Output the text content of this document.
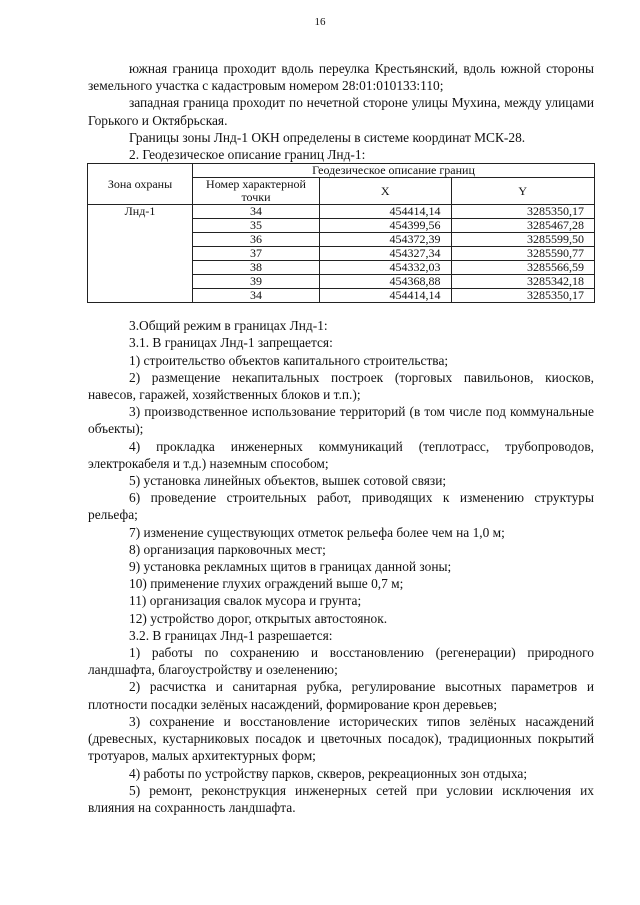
16

южная граница проходит вдоль переулка Крестьянский, вдоль южной стороны земельного участка с кадастровым номером 28:01:010133:110;

западная граница проходит по нечетной стороне улицы Мухина, между улицами Горького и Октябрьская.

Границы зоны Лнд-1 ОКН определены в системе координат МСК-28.

2. Геодезическое описание границ Лнд-1:

Зона охраны	Геодезическое описание границ		
	Номер характерной точки	X	Y
Лнд-1	34	454414,14	3285350,17
	35	454399,56	3285467,28
	36	454372,39	3285599,50
	37	454327,34	3285590,77
	38	454332,03	3285566,59
	39	454368,88	3285342,18
	34	454414,14	3285350,17

3.Общий режим в границах Лнд-1:

3.1. В границах Лнд-1 запрещается:

1) строительство объектов капитального строительства;

2) размещение некапитальных построек (торговых павильонов, киосков, навесов, гаражей, хозяйственных блоков и т.п.);

3) производственное использование территорий (в том числе под коммунальные объекты);

4) прокладка инженерных коммуникаций (теплотрасс, трубопроводов, электрокабеля и т.д.) наземным способом;

5) установка линейных объектов, вышек сотовой связи;

6) проведение строительных работ, приводящих к изменению структуры рельефа;

7) изменение существующих отметок рельефа более чем на 1,0 м;

8) организация парковочных мест;

9) установка рекламных щитов в границах данной зоны;

10) применение глухих ограждений выше 0,7 м;

11) организация свалок мусора и грунта;

12) устройство дорог, открытых автостоянок.

3.2. В границах Лнд-1 разрешается:

1) работы по сохранению и восстановлению (регенерации) природного ландшафта, благоустройству и озеленению;

2) расчистка и санитарная рубка, регулирование высотных параметров и плотности посадки зелёных насаждений, формирование крон деревьев;

3) сохранение и восстановление исторических типов зелёных насаждений (древесных, кустарниковых посадок и цветочных посадок), традиционных покрытий тротуаров, малых архитектурных форм;

4) работы по устройству парков, скверов, рекреационных зон отдыха;

5) ремонт, реконструкция инженерных сетей при условии исключения их влияния на сохранность ландшафта.
